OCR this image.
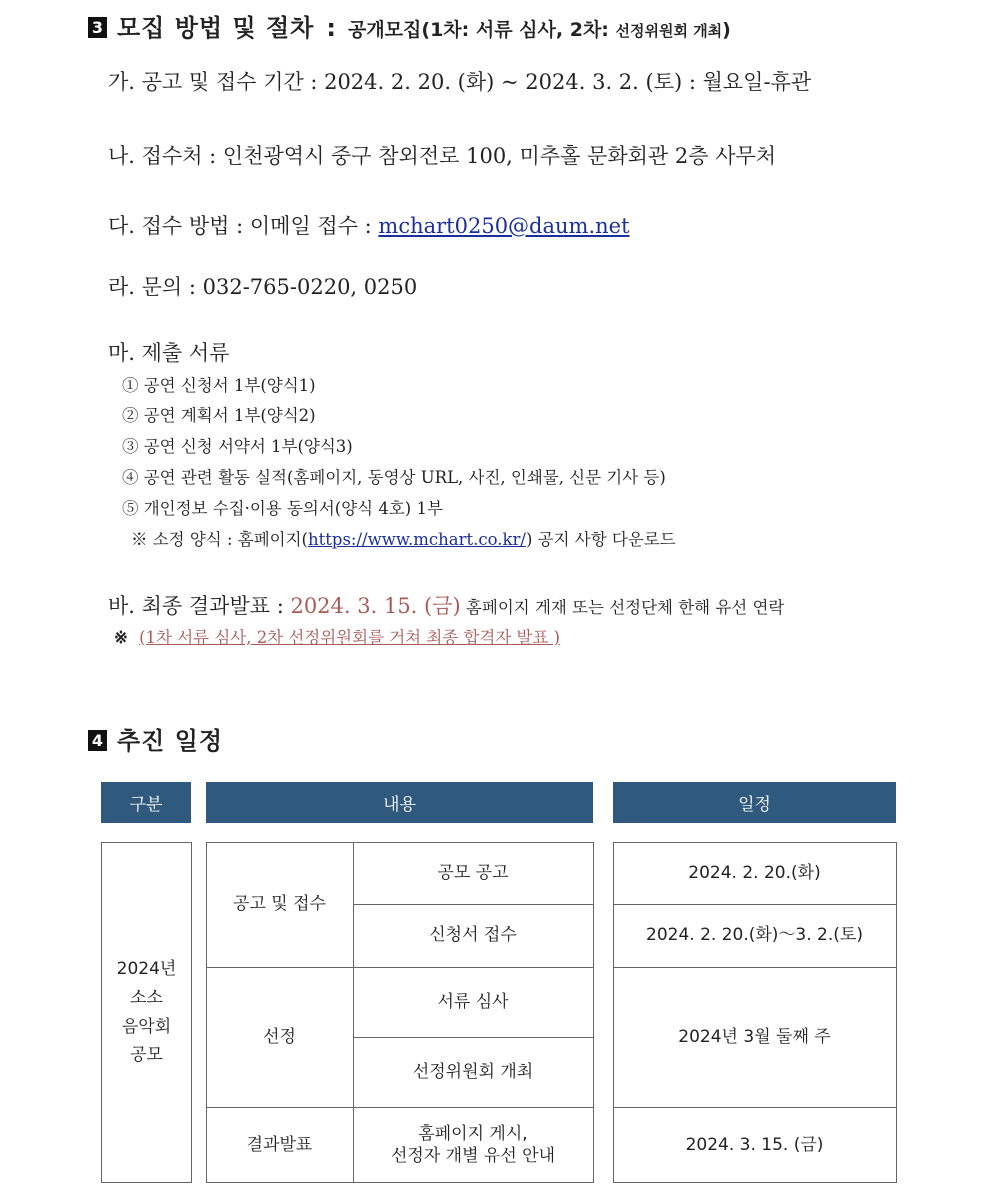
3 모집 방법 및 절차 : 공개모집(1차: 서류 심사, 2차: 선정위원회 개최)
가. 공고 및 접수 기간 : 2024. 2. 20. (화) ~ 2024. 3. 2. (토) : 월요일-휴관
나. 접수처 : 인천광역시 중구 참외전로 100, 미추홀 문화회관 2층 사무처
다. 접수 방법 : 이메일 접수 : mchart0250@daum.net
라. 문의 : 032-765-0220, 0250
마. 제출 서류
① 공연 신청서 1부(양식1)
② 공연 계획서 1부(양식2)
③ 공연 신청 서약서 1부(양식3)
④ 공연 관련 활동 실적(홈페이지, 동영상 URL, 사진, 인쇄물, 신문 기사 등)
⑤ 개인정보 수집·이용 동의서(양식 4호) 1부
※ 소정 양식 : 홈페이지(https://www.mchart.co.kr/) 공지 사항 다운로드
바. 최종 결과발표 : 2024. 3. 15. (금) 홈페이지 게재 또는 선정단체 한해 유선 연락
※ (1차 서류 심사, 2차 선정위원회를 거쳐 최종 합격자 발표 )
4 추진 일정
구분	내용	일정
2024년
소소
음악회
공모
공고 및 접수
선정
결과발표
공모 공고
신청서 접수
서류 심사
선정위원회 개최
홈페이지 게시,
선정자 개별 유선 안내
2024. 2. 20.(화)
2024. 2. 20.(화)～3. 2.(토)
2024년 3월 둘째 주
2024. 3. 15. (금)
